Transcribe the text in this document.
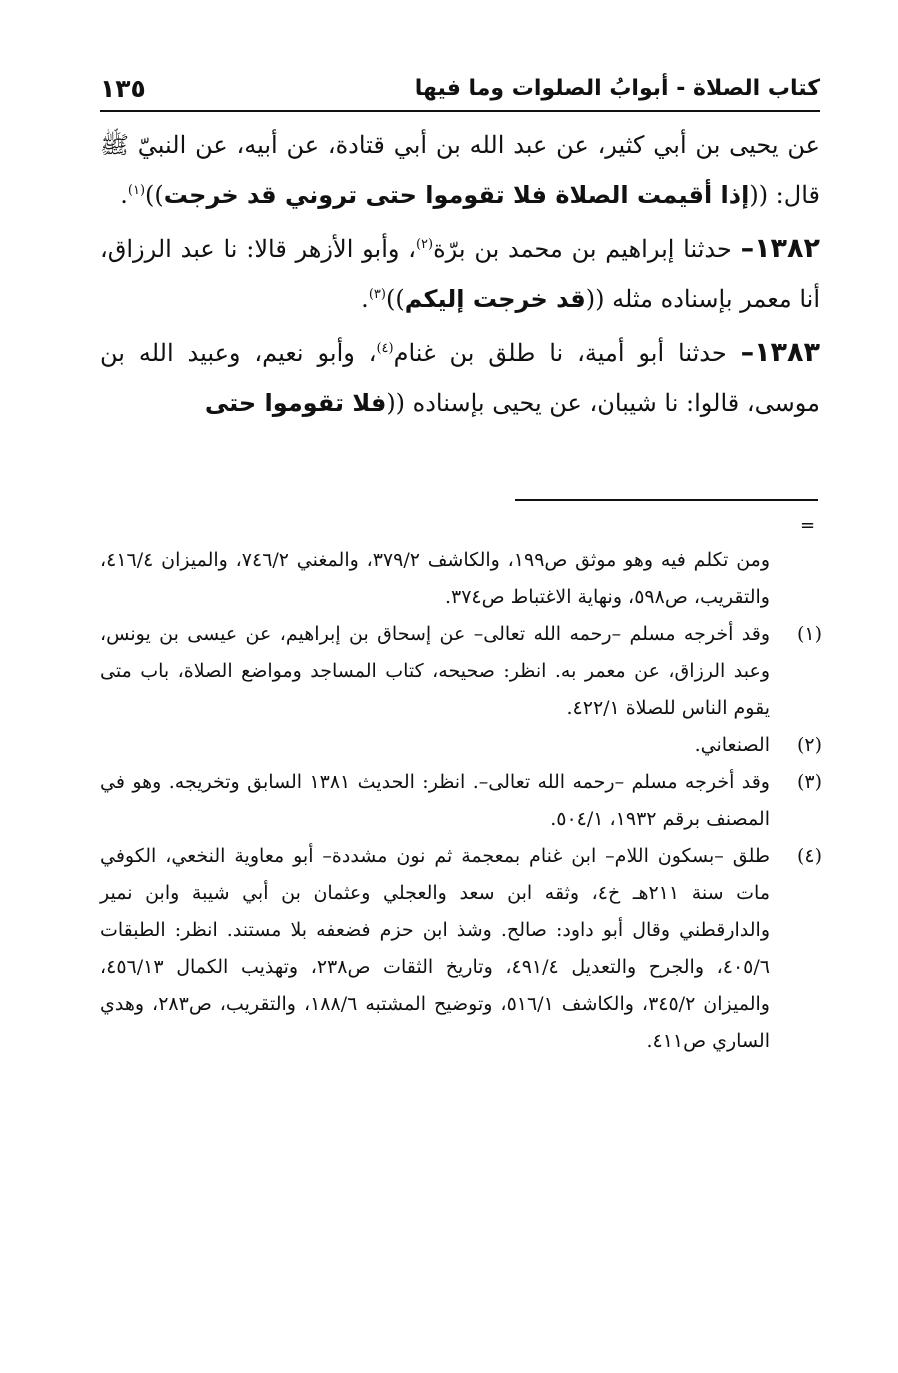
كتاب الصلاة - أبوابُ الصلوات وما فيها
١٣٥

عن يحيى بن أبي كثير، عن عبد الله بن أبي قتادة، عن أبيه، عن النبيّ ﷺ قال: ((إذا أقيمت الصلاة فلا تقوموا حتى تروني قد خرجت))$^{(١)}$.

١٣٨٢– حدثنا إبراهيم بن محمد بن برّة$^{(٢)}$، وأبو الأزهر قالا: نا عبد الرزاق، أنا معمر بإسناده مثله ((قد خرجت إليكم))$^{(٣)}$.

١٣٨٣– حدثنا أبو أمية، نا طلق بن غنام$^{(٤)}$، وأبو نعيم، وعبيد الله بن موسى، قالوا: نا شيبان، عن يحيى بإسناده ((فلا تقوموا حتى

=
ومن تكلم فيه وهو موثق ص١٩٩، والكاشف ٣٧٩/٢، والمغني ٧٤٦/٢، والميزان ٤١٦/٤، والتقريب، ص٥٩٨، ونهاية الاغتباط ص٣٧٤.
(١)
وقد أخرجه مسلم –رحمه الله تعالى– عن إسحاق بن إبراهيم، عن عيسى بن يونس، وعبد الرزاق، عن معمر به. انظر: صحيحه، كتاب المساجد ومواضع الصلاة، باب متى يقوم الناس للصلاة ٤٢٢/١.
(٢)
الصنعاني.
(٣)
وقد أخرجه مسلم –رحمه الله تعالى–. انظر: الحديث ١٣٨١ السابق وتخريجه. وهو في المصنف برقم ١٩٣٢، ٥٠٤/١.
(٤)
طلق –بسكون اللام– ابن غنام بمعجمة ثم نون مشددة– أبو معاوية النخعي، الكوفي مات سنة ٢١١هـ خ٤، وثقه ابن سعد والعجلي وعثمان بن أبي شيبة وابن نمير والدارقطني وقال أبو داود: صالح. وشذ ابن حزم فضعفه بلا مستند. انظر: الطبقات ٤٠٥/٦، والجرح والتعديل ٤٩١/٤، وتاريخ الثقات ص٢٣٨، وتهذيب الكمال ٤٥٦/١٣، والميزان ٣٤٥/٢، والكاشف ٥١٦/١، وتوضيح المشتبه ١٨٨/٦، والتقريب، ص٢٨٣، وهدي الساري ص٤١١.
